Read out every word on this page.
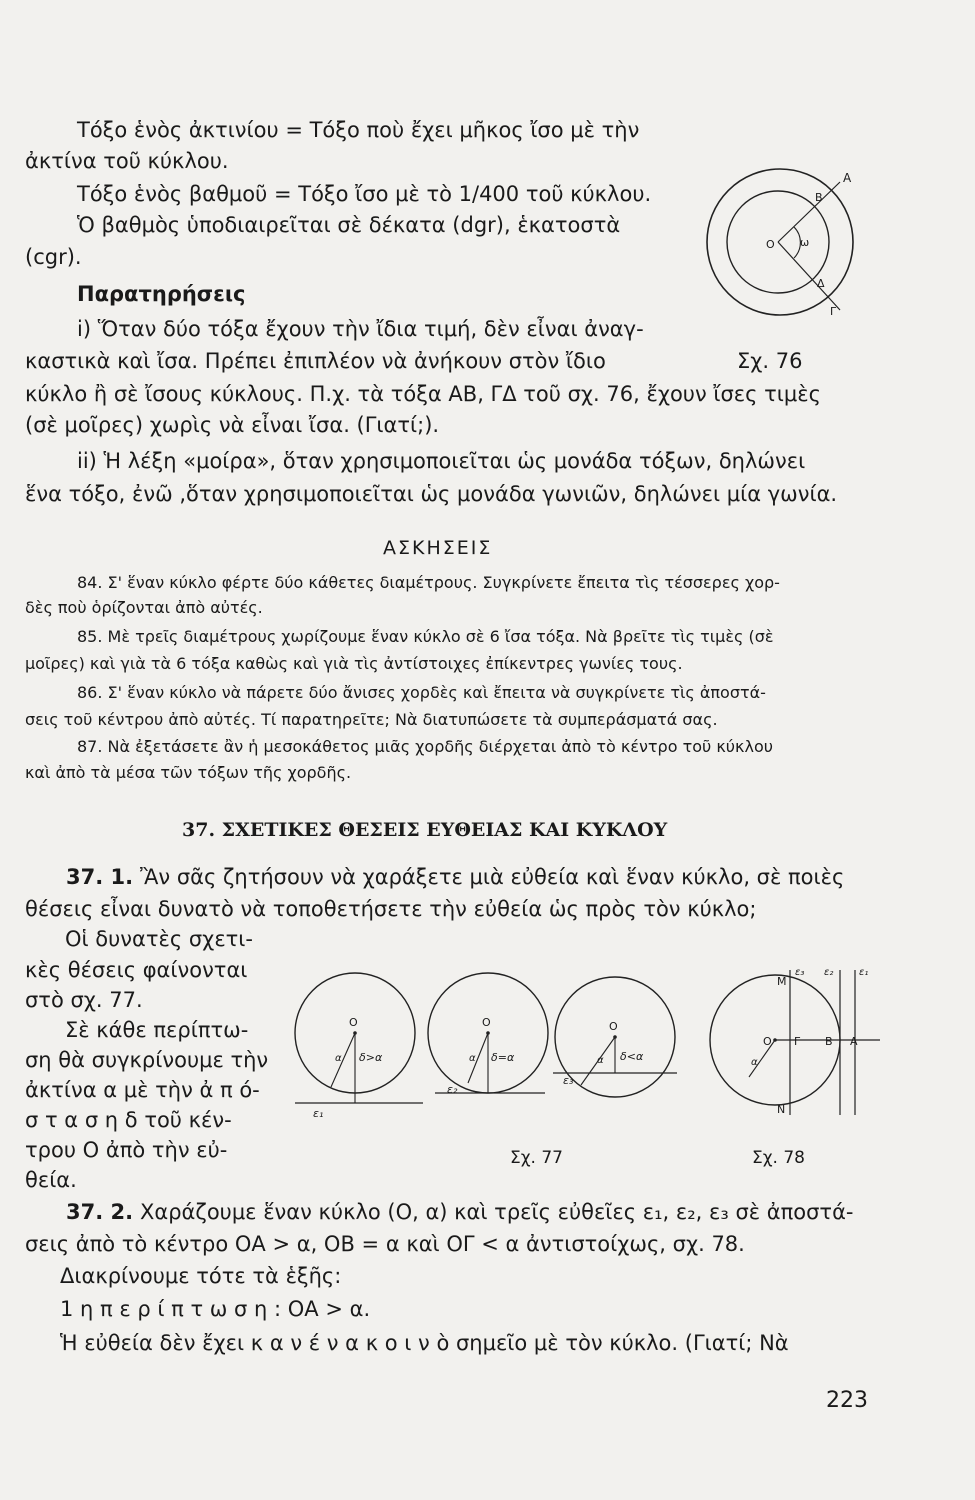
Τόξο ἑνὸς ἀκτινίου = Τόξο ποὺ ἔχει μῆκος ἴσο μὲ τὴν
ἀκτίνα τοῦ κύκλου.
Τόξο ἑνὸς βαθμοῦ = Τόξο ἴσο μὲ τὸ 1/400 τοῦ κύκλου.
Ὁ βαθμὸς ὑποδιαιρεῖται σὲ δέκατα (dgr), ἑκατοστὰ
(cgr).
Παρατηρήσεις
i) Ὅταν δύο τόξα ἔχουν τὴν ἴδια τιμή, δὲν εἶναι ἀναγ-
καστικὰ καὶ ἴσα. Πρέπει ἐπιπλέον νὰ ἀνήκουν στὸν ἴδιο
κύκλο ἢ σὲ ἴσους κύκλους. Π.χ. τὰ τόξα ΑΒ, ΓΔ τοῦ σχ. 76, ἔχουν ἴσες τιμὲς
(σὲ μοῖρες) χωρὶς νὰ εἶναι ἴσα. (Γιατί;).
ii) Ἡ λέξη «μοίρα», ὅταν χρησιμοποιεῖται ὡς μονάδα τόξων, δηλώνει
ἕνα τόξο, ἐνῶ ,ὅταν χρησιμοποιεῖται ὡς μονάδα γωνιῶν, δηλώνει μία γωνία.
A
B
Γ
Δ
O ω
Σχ. 76
ΑΣΚΗΣΕΙΣ
84. Σ' ἕναν κύκλο φέρτε δύο κάθετες διαμέτρους. Συγκρίνετε ἔπειτα τὶς τέσσερες χορ-
δὲς ποὺ ὁρίζονται ἀπὸ αὐτές.
85. Μὲ τρεῖς διαμέτρους χωρίζουμε ἕναν κύκλο σὲ 6 ἴσα τόξα. Νὰ βρεῖτε τὶς τιμὲς (σὲ
μοῖρες) καὶ γιὰ τὰ 6 τόξα καθὼς καὶ γιὰ τὶς ἀντίστοιχες ἐπίκεντρες γωνίες τους.
86. Σ' ἕναν κύκλο νὰ πάρετε δύο ἄνισες χορδὲς καὶ ἔπειτα νὰ συγκρίνετε τὶς ἀποστά-
σεις τοῦ κέντρου ἀπὸ αὐτές. Τί παρατηρεῖτε; Νὰ διατυπώσετε τὰ συμπεράσματά σας.
87. Νὰ ἐξετάσετε ἂν ἡ μεσοκάθετος μιᾶς χορδῆς διέρχεται ἀπὸ τὸ κέντρο τοῦ κύκλου
καὶ ἀπὸ τὰ μέσα τῶν τόξων τῆς χορδῆς.
37. ΣΧΕΤΙΚΕΣ ΘΕΣΕΙΣ ΕΥΘΕΙΑΣ ΚΑΙ ΚΥΚΛΟΥ
37. 1. Ἂν σᾶς ζητήσουν νὰ χαράξετε μιὰ εὐθεία καὶ ἕναν κύκλο, σὲ ποιὲς
θέσεις εἶναι δυνατὸ νὰ τοποθετήσετε τὴν εὐθεία ὡς πρὸς τὸν κύκλο;
Οἱ δυνατὲς σχετι-
κὲς θέσεις φαίνονται
στὸ σχ. 77.
Σὲ κάθε περίπτω-
ση θὰ συγκρίνουμε τὴν
ἀκτίνα α μὲ τὴν ἀ π ό-
σ τ α σ η δ τοῦ κέν-
τρου Ο ἀπὸ τὴν εὐ-
θεία.
O
δ>α
α
ε₁
O
δ=α
α
ε₂
O
δ<α
α
ε₃
Σχ. 77
ε₃ ε₂	ε₁
M
N
B A
Γ
O
α
Σχ. 78
37. 2. Χαράζουμε ἕναν κύκλο (Ο, α) καὶ τρεῖς εὐθεῖες ε₁, ε₂, ε₃ σὲ ἀποστά-
σεις ἀπὸ τὸ κέντρο ΟΑ > α, ΟΒ = α καὶ ΟΓ < α ἀντιστοίχως, σχ. 78.
Διακρίνουμε τότε τὰ ἑξῆς:
1 η π ε ρ ί π τ ω σ η : ΟΑ > α.
Ἡ εὐθεία δὲν ἔχει κ α ν έ ν α κ ο ι ν ὸ σημεῖο μὲ τὸν κύκλο. (Γιατί; Νὰ
223
